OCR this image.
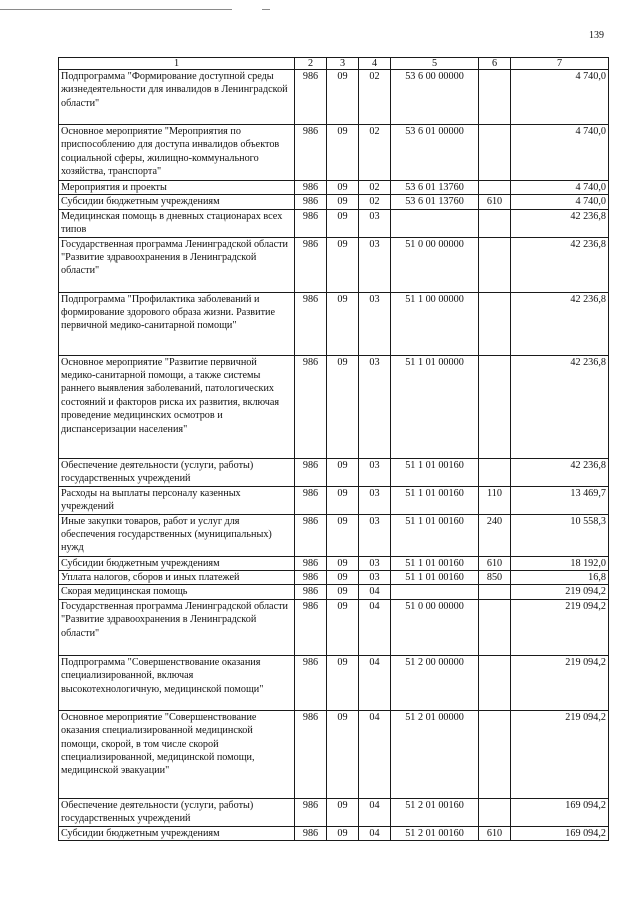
139
1	2	3	4	5	6	7
Подпрограмма "Формирование доступной среды жизнедеятельности для инвалидов в Ленинградской области"	986	09	02	53 6 00 00000		4 740,0
Основное мероприятие "Мероприятия по приспособлению для доступа инвалидов объектов социальной сферы, жилищно-коммунального хозяйства, транспорта"	986	09	02	53 6 01 00000		4 740,0
Мероприятия и проекты	986	09	02	53 6 01 13760		4 740,0
Субсидии бюджетным учреждениям	986	09	02	53 6 01 13760	610	4 740,0
Медицинская помощь в дневных стационарах всех типов	986	09	03			42 236,8
Государственная программа Ленинградской области "Развитие здравоохранения в Ленинградской области"	986	09	03	51 0 00 00000		42 236,8
Подпрограмма "Профилактика заболеваний и формирование здорового образа жизни. Развитие первичной медико-санитарной помощи"	986	09	03	51 1 00 00000		42 236,8
Основное мероприятие "Развитие первичной медико-санитарной помощи, а также системы раннего выявления заболеваний, патологических состояний и факторов риска их развития, включая проведение медицинских осмотров и диспансеризации населения"	986	09	03	51 1 01 00000		42 236,8
Обеспечение деятельности (услуги, работы) государственных учреждений	986	09	03	51 1 01 00160		42 236,8
Расходы на выплаты персоналу казенных учреждений	986	09	03	51 1 01 00160	110	13 469,7
Иные закупки товаров, работ и услуг для обеспечения государственных (муниципальных) нужд	986	09	03	51 1 01 00160	240	10 558,3
Субсидии бюджетным учреждениям	986	09	03	51 1 01 00160	610	18 192,0
Уплата налогов, сборов и иных платежей	986	09	03	51 1 01 00160	850	16,8
Скорая медицинская помощь	986	09	04			219 094,2
Государственная программа Ленинградской области "Развитие здравоохранения в Ленинградской области"	986	09	04	51 0 00 00000		219 094,2
Подпрограмма "Совершенствование оказания специализированной, включая высокотехнологичную, медицинской помощи"	986	09	04	51 2 00 00000		219 094,2
Основное мероприятие "Совершенствование оказания специализированной медицинской помощи, скорой, в том числе скорой специализированной, медицинской помощи, медицинской эвакуации"	986	09	04	51 2 01 00000		219 094,2
Обеспечение деятельности (услуги, работы) государственных учреждений	986	09	04	51 2 01 00160		169 094,2
Субсидии бюджетным учреждениям	986	09	04	51 2 01 00160	610	169 094,2
